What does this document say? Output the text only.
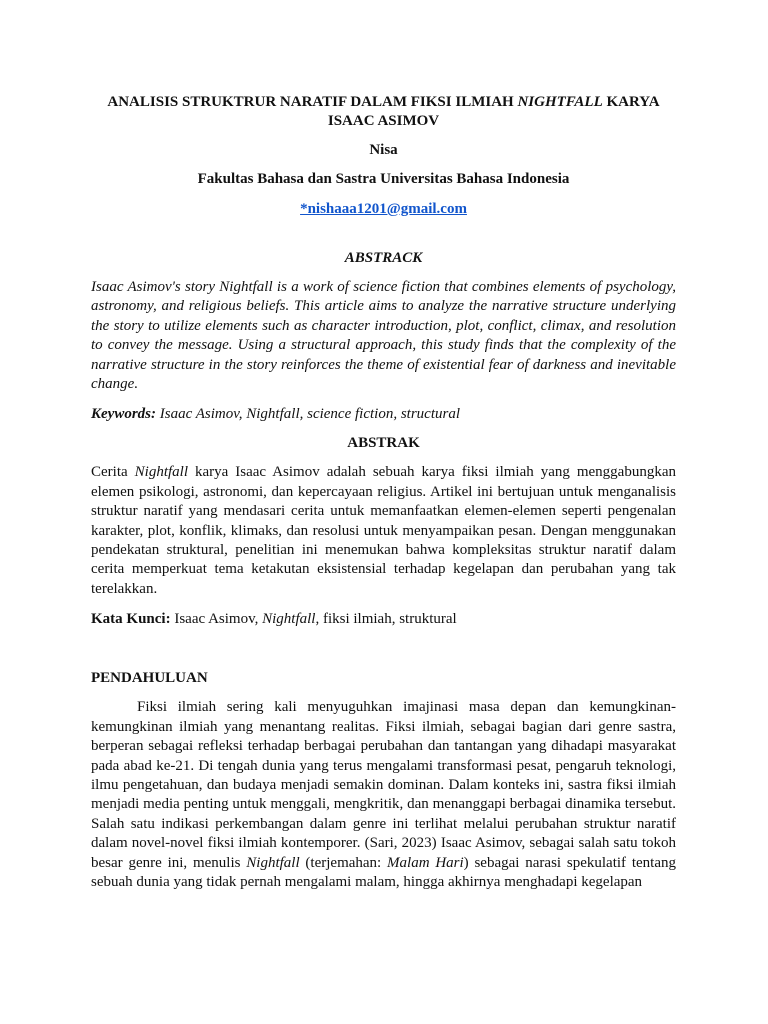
ANALISIS STRUKTRUR NARATIF DALAM FIKSI ILMIAH NIGHTFALL KARYA ISAAC ASIMOV

Nisa

Fakultas Bahasa dan Sastra Universitas Bahasa Indonesia

*nishaaa1201@gmail.com

ABSTRACK

Isaac Asimov's story Nightfall is a work of science fiction that combines elements of psychology, astronomy, and religious beliefs. This article aims to analyze the narrative structure underlying the story to utilize elements such as character introduction, plot, conflict, climax, and resolution to convey the message. Using a structural approach, this study finds that the complexity of the narrative structure in the story reinforces the theme of existential fear of darkness and inevitable change.

Keywords: Isaac Asimov, Nightfall, science fiction, structural

ABSTRAK

Cerita Nightfall karya Isaac Asimov adalah sebuah karya fiksi ilmiah yang menggabungkan elemen psikologi, astronomi, dan kepercayaan religius. Artikel ini bertujuan untuk menganalisis struktur naratif yang mendasari cerita untuk memanfaatkan elemen-elemen seperti pengenalan karakter, plot, konflik, klimaks, dan resolusi untuk menyampaikan pesan. Dengan menggunakan pendekatan struktural, penelitian ini menemukan bahwa kompleksitas struktur naratif dalam cerita memperkuat tema ketakutan eksistensial terhadap kegelapan dan perubahan yang tak terelakkan.

Kata Kunci: Isaac Asimov, Nightfall, fiksi ilmiah, struktural

PENDAHULUAN

Fiksi ilmiah sering kali menyuguhkan imajinasi masa depan dan kemungkinan-kemungkinan ilmiah yang menantang realitas. Fiksi ilmiah, sebagai bagian dari genre sastra, berperan sebagai refleksi terhadap berbagai perubahan dan tantangan yang dihadapi masyarakat pada abad ke-21. Di tengah dunia yang terus mengalami transformasi pesat, pengaruh teknologi, ilmu pengetahuan, dan budaya menjadi semakin dominan. Dalam konteks ini, sastra fiksi ilmiah menjadi media penting untuk menggali, mengkritik, dan menanggapi berbagai dinamika tersebut. Salah satu indikasi perkembangan dalam genre ini terlihat melalui perubahan struktur naratif dalam novel-novel fiksi ilmiah kontemporer. (Sari, 2023) Isaac Asimov, sebagai salah satu tokoh besar genre ini, menulis Nightfall (terjemahan: Malam Hari) sebagai narasi spekulatif tentang sebuah dunia yang tidak pernah mengalami malam, hingga akhirnya menghadapi kegelapan
